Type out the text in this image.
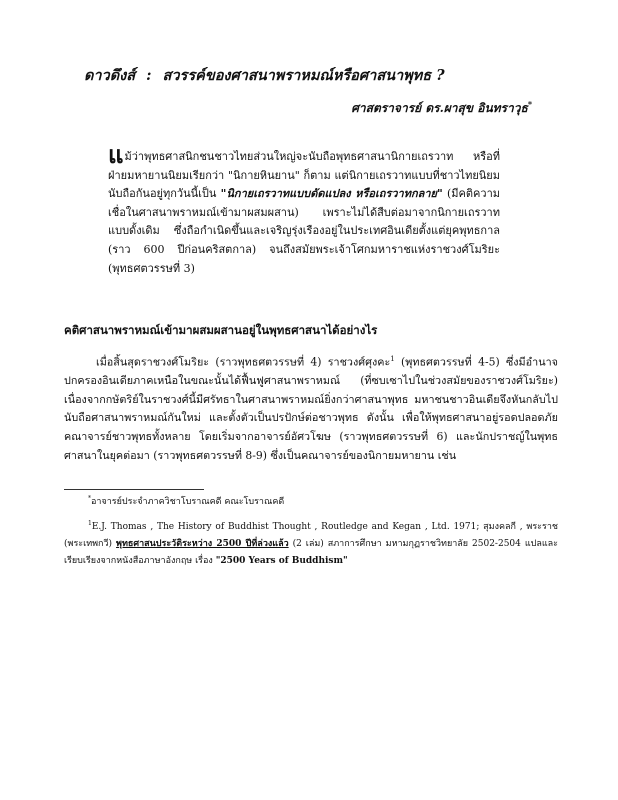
ดาวดึงส์ : สวรรค์ของศาสนาพราหมณ์หรือศาสนาพุทธ ?
ศาสตราจารย์ ดร.ผาสุข อินทราวุธ*
แม้ว่าพุทธศาสนิกชนชาวไทยส่วนใหญ่จะนับถือพุทธศาสนานิกายเถรวาท หรือที่ฝ่ายมหายานนิยมเรียกว่า "นิกายหินยาน" ก็ตาม แต่นิกายเถรวาทแบบที่ชาวไทยนิยมนับถือกันอยู่ทุกวันนี้เป็น "นิกายเถรวาทแบบดัดแปลง หรือเถรวาทกลาย" (มีคติความเชื่อในศาสนาพราหมณ์เข้ามาผสมผสาน) เพราะไม่ได้สืบต่อมาจากนิกายเถรวาทแบบดั้งเดิม ซึ่งถือกำเนิดขึ้นและเจริญรุ่งเรืองอยู่ในประเทศอินเดียตั้งแต่ยุคพุทธกาล (ราว 600 ปีก่อนคริสตกาล) จนถึงสมัยพระเจ้าโศกมหาราชแห่งราชวงศ์โมริยะ (พุทธศตวรรษที่ 3)
คติศาสนาพราหมณ์เข้ามาผสมผสานอยู่ในพุทธศาสนาได้อย่างไร
เมื่อสิ้นสุดราชวงศ์โมริยะ (ราวพุทธศตวรรษที่ 4) ราชวงศ์ศุงคะ$^1$ (พุทธศตวรรษที่ 4-5) ซึ่งมีอำนาจปกครองอินเดียภาคเหนือในขณะนั้นได้ฟื้นฟูศาสนาพราหมณ์ (ที่ซบเซาไปในช่วงสมัยของราชวงศ์โมริยะ) เนื่องจากกษัตริย์ในราชวงศ์นี้มีศรัทธาในศาสนาพราหมณ์ยิ่งกว่าศาสนาพุทธ มหาชนชาวอินเดียจึงหันกลับไปนับถือศาสนาพราหมณ์กันใหม่ และตั้งตัวเป็นปรปักษ์ต่อชาวพุทธ ดังนั้น เพื่อให้พุทธศาสนาอยู่รอดปลอดภัย คณาจารย์ชาวพุทธทั้งหลาย โดยเริ่มจากอาจารย์อัศวโฆษ (ราวพุทธศตวรรษที่ 6) และนักปราชญ์ในพุทธศาสนาในยุคต่อมา (ราวพุทธศตวรรษที่ 8-9) ซึ่งเป็นคณาจารย์ของนิกายมหายาน เช่น
*อาจารย์ประจำภาควิชาโบราณคดี คณะโบราณคดี
$^1$E.J. Thomas , The History of Buddhist Thought , Routledge and Kegan , Ltd. 1971; สุมงคลกี , พระราช (พระเทพกวี) พุทธศาสนประวัติระหว่าง 2500 ปีที่ล่วงแล้ว (2 เล่ม) สภาการศึกษา มหามกุฏราชวิทยาลัย 2502-2504 แปลและเรียบเรียงจากหนังสือภาษาอังกฤษ เรื่อง "2500 Years of Buddhism"
